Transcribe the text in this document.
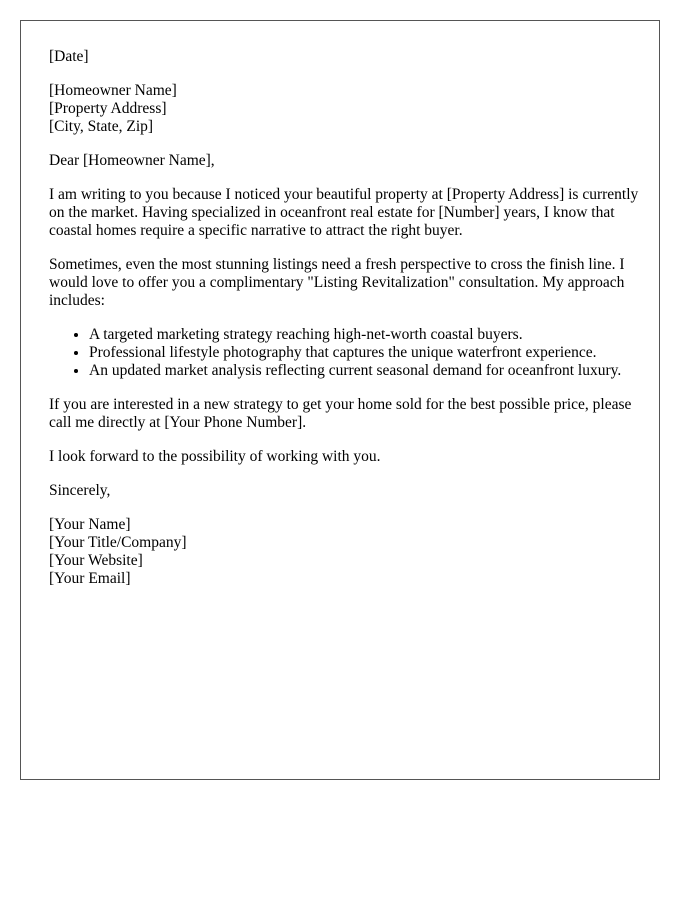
[Date]

[Homeowner Name]
[Property Address]
[City, State, Zip]

Dear [Homeowner Name],

I am writing to you because I noticed your beautiful property at [Property Address] is currently on the market. Having specialized in oceanfront real estate for [Number] years, I know that coastal homes require a specific narrative to attract the right buyer.

Sometimes, even the most stunning listings need a fresh perspective to cross the finish line. I would love to offer you a complimentary "Listing Revitalization" consultation. My approach includes:

• A targeted marketing strategy reaching high-net-worth coastal buyers.
• Professional lifestyle photography that captures the unique waterfront experience.
• An updated market analysis reflecting current seasonal demand for oceanfront luxury.

If you are interested in a new strategy to get your home sold for the best possible price, please call me directly at [Your Phone Number].

I look forward to the possibility of working with you.

Sincerely,

[Your Name]
[Your Title/Company]
[Your Website]
[Your Email]
